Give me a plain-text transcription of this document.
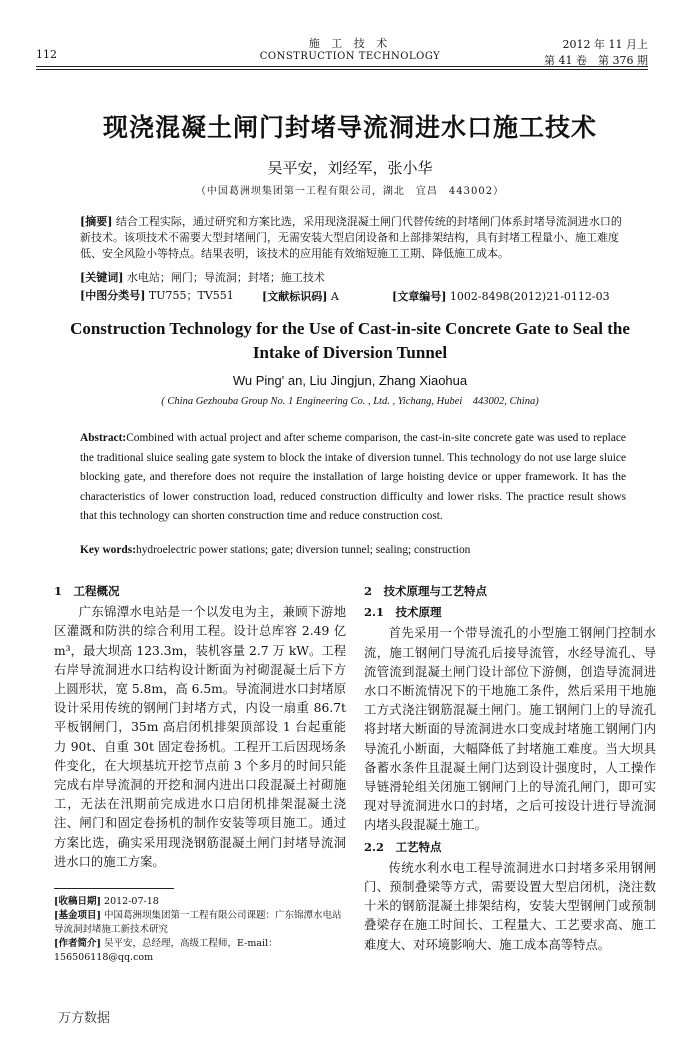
112
施 工 技 术
CONSTRUCTION TECHNOLOGY
2012 年 11 月上
第 41 卷　第 376 期
现浇混凝土闸门封堵导流洞进水口施工技术
吴平安，刘经军，张小华
（中国葛洲坝集团第一工程有限公司，湖北　宜昌　443002）
[摘要] 结合工程实际，通过研究和方案比选，采用现浇混凝土闸门代替传统的封堵闸门体系封堵导流洞进水口的新技术。该项技术不需要大型封堵闸门，无需安装大型启闭设备和上部排架结构，具有封堵工程量小、施工难度低、安全风险小等特点。结果表明，该技术的应用能有效缩短施工工期、降低施工成本。
[关键词] 水电站；闸门；导流洞；封堵；施工技术
[中图分类号] TU755；TV551	[文献标识码] A	[文章编号] 1002-8498(2012)21-0112-03
Construction Technology for the Use of Cast-in-site Concrete Gate to Seal the Intake of Diversion Tunnel
Wu Ping' an, Liu Jingjun, Zhang Xiaohua
( China Gezhouba Group No. 1 Engineering Co. , Ltd. , Yichang, Hubei　443002, China)
Abstract:Combined with actual project and after scheme comparison, the cast-in-site concrete gate was used to replace the traditional sluice sealing gate system to block the intake of diversion tunnel. This technology do not use large sluice blocking gate, and therefore does not require the installation of large hoisting device or upper framework. It has the characteristics of lower construction load, reduced construction difficulty and lower risks. The practice result shows that this technology can shorten construction time and reduce construction cost.
Key words:hydroelectric power stations; gate; diversion tunnel; sealing; construction
1　工程概况

广东锦潭水电站是一个以发电为主，兼顾下游地区灌溉和防洪的综合利用工程。设计总库容 2.49 亿 m³，最大坝高 123.3m，装机容量 2.7 万 kW。工程右岸导流洞进水口结构设计断面为衬砌混凝土后下方上圆形状，宽 5.8m，高 6.5m。导流洞进水口封堵原设计采用传统的钢闸门封堵方式，内设一扇重 86.7t 平板钢闸门，35m 高启闭机排架顶部设 1 台起重能力 90t、自重 30t 固定卷扬机。工程开工后因现场条件变化，在大坝基坑开挖节点前 3 个多月的时间只能完成右岸导流洞的开挖和洞内进出口段混凝土衬砌施工，无法在汛期前完成进水口启闭机排架混凝土浇注、闸门和固定卷扬机的制作安装等项目施工。通过方案比选，确实采用现浇钢筋混凝土闸门封堵导流洞进水口的施工方案。

2　技术原理与工艺特点
2.1　技术原理

首先采用一个带导流孔的小型施工钢闸门控制水流，施工钢闸门导流孔后接导流管，水经导流孔、导流管流到混凝土闸门设计部位下游侧，创造导流洞进水口不断流情况下的干地施工条件，然后采用干地施工方式浇注钢筋混凝土闸门。施工钢闸门上的导流孔将封堵大断面的导流洞进水口变成封堵施工钢闸门内导流孔小断面，大幅降低了封堵施工难度。当大坝具备蓄水条件且混凝土闸门达到设计强度时，人工操作导链滑轮组关闭施工钢闸门上的导流孔闸门，即可实现对导流洞进水口的封堵，之后可按设计进行导流洞内堵头段混凝土施工。

2.2　工艺特点

传统水利水电工程导流洞进水口封堵多采用钢闸门、预制叠梁等方式，需要设置大型启闭机，浇注数十米的钢筋混凝土排架结构，安装大型钢闸门或预制叠梁存在施工时间长、工程量大、工艺要求高、施工难度大、对环境影响大、施工成本高等特点。

[收稿日期] 2012-07-18
[基金项目] 中国葛洲坝集团第一工程有限公司课题：广东锦潭水电站导流洞封堵施工新技术研究
[作者简介] 吴平安，总经理，高级工程师，E-mail：156506118@qq.com
万方数据
